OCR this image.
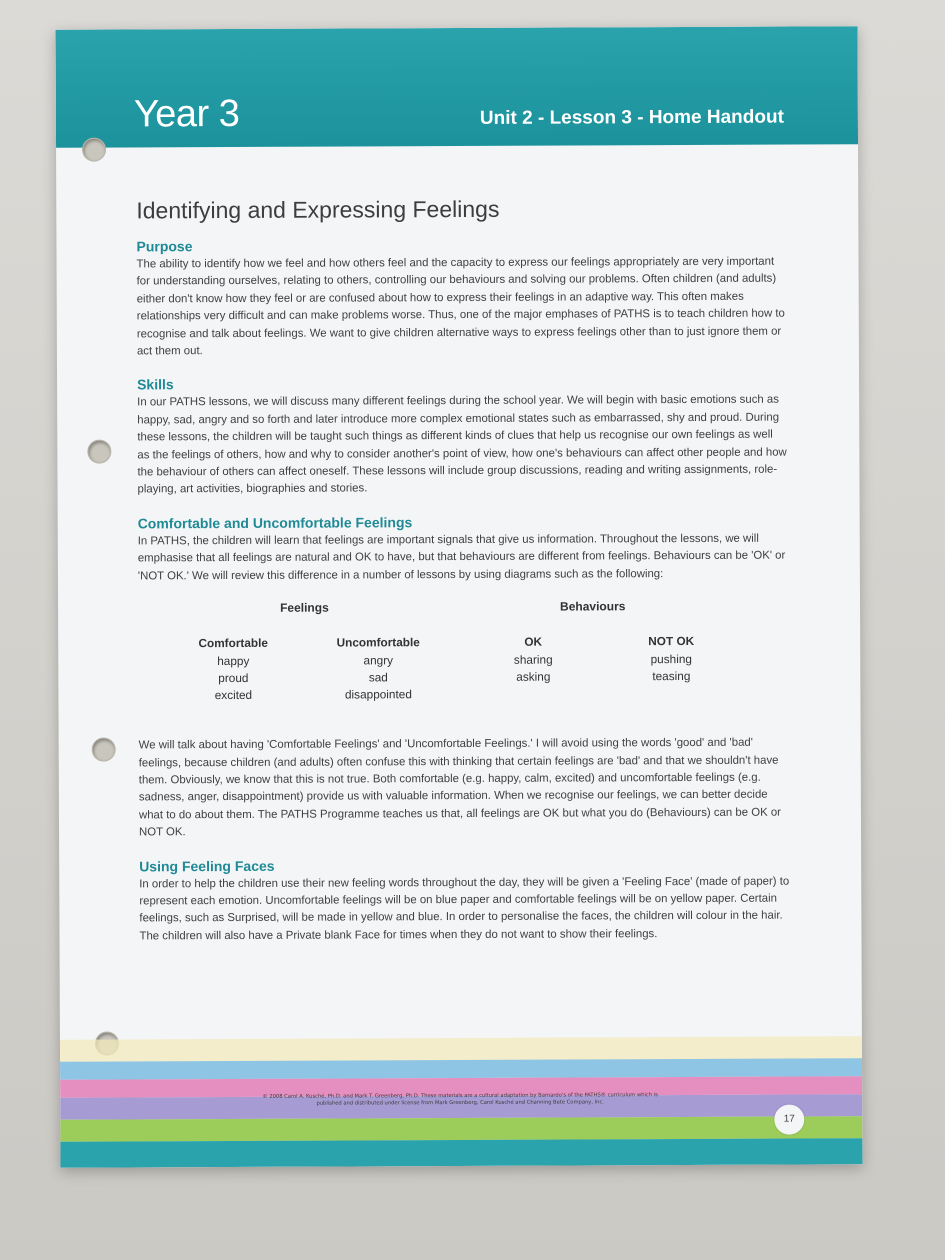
Year 3	Unit 2 - Lesson 3 - Home Handout
Identifying and Expressing Feelings
Purpose

The ability to identify how we feel and how others feel and the capacity to express our feelings appropriately are very important for understanding ourselves, relating to others, controlling our behaviours and solving our problems. Often children (and adults) either don't know how they feel or are confused about how to express their feelings in an adaptive way. This often makes relationships very difficult and can make problems worse. Thus, one of the major emphases of PATHS is to teach children how to recognise and talk about feelings. We want to give children alternative ways to express feelings other than to just ignore them or act them out.

Skills

In our PATHS lessons, we will discuss many different feelings during the school year. We will begin with basic emotions such as happy, sad, angry and so forth and later introduce more complex emotional states such as embarrassed, shy and proud. During these lessons, the children will be taught such things as different kinds of clues that help us recognise our own feelings as well as the feelings of others, how and why to consider another's point of view, how one's behaviours can affect other people and how the behaviour of others can affect oneself. These lessons will include group discussions, reading and writing assignments, role-playing, art activities, biographies and stories.

Comfortable and Uncomfortable Feelings

In PATHS, the children will learn that feelings are important signals that give us information. Throughout the lessons, we will emphasise that all feelings are natural and OK to have, but that behaviours are different from feelings. Behaviours can be 'OK' or 'NOT OK.' We will review this difference in a number of lessons by using diagrams such as the following:

Feelings	Behaviours
Comfortable
happy
proud
excited
Uncomfortable
angry
sad
disappointed
OK
sharing
asking
NOT OK
pushing
teasing

We will talk about having 'Comfortable Feelings' and 'Uncomfortable Feelings.' I will avoid using the words 'good' and 'bad' feelings, because children (and adults) often confuse this with thinking that certain feelings are 'bad' and that we shouldn't have them. Obviously, we know that this is not true. Both comfortable (e.g. happy, calm, excited) and uncomfortable feelings (e.g. sadness, anger, disappointment) provide us with valuable information. When we recognise our feelings, we can better decide what to do about them. The PATHS Programme teaches us that, all feelings are OK but what you do (Behaviours) can be OK or NOT OK.

Using Feeling Faces

In order to help the children use their new feeling words throughout the day, they will be given a 'Feeling Face' (made of paper) to represent each emotion. Uncomfortable feelings will be on blue paper and comfortable feelings will be on yellow paper. Certain feelings, such as Surprised, will be made in yellow and blue. In order to personalise the faces, the children will colour in the hair. The children will also have a Private blank Face for times when they do not want to show their feelings.

© 2008 Carol A. Kusché, Ph.D. and Mark T. Greenberg, Ph.D. These materials are a cultural adaptation by Barnardo's of the PATHS® curriculum which is
published and distributed under license from Mark Greenberg, Carol Kusché and Channing Bete Company, Inc.
17
